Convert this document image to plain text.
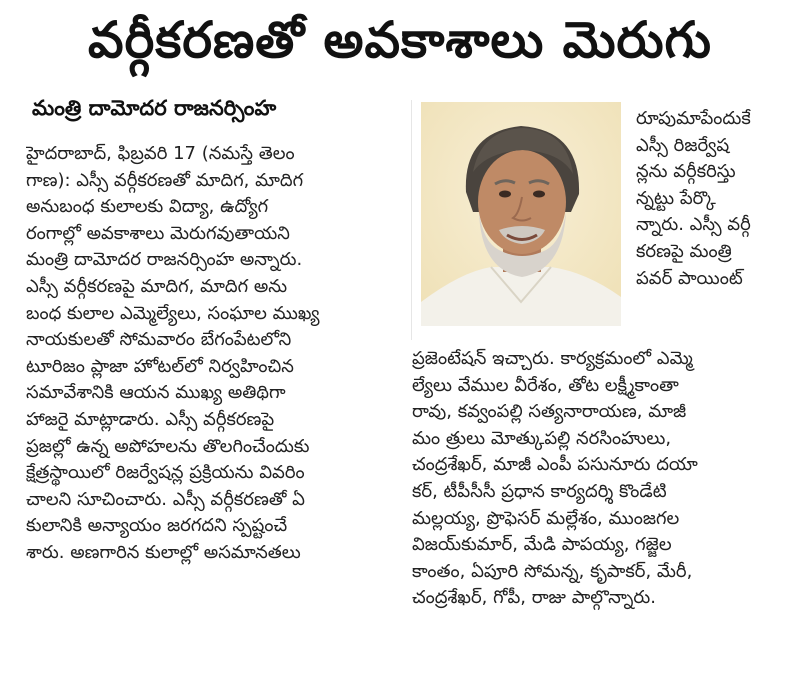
వర్గీకరణతో అవకాశాలు మెరుగు
మంత్రి దామోదర రాజనర్సింహ
హైదరాబాద్, ఫిబ్రవరి 17 (నమస్తే తెలం
గాణ): ఎస్సీ వర్గీకరణతో మాదిగ, మాదిగ
అనుబంధ కులాలకు విద్యా, ఉద్యోగ
రంగాల్లో అవకాశాలు మెరుగవుతాయని
మంత్రి దామోదర రాజనర్సింహ అన్నారు.
ఎస్సీ వర్గీకరణపై మాదిగ, మాదిగ అను
బంధ కులాల ఎమ్మెల్యేలు, సంఘాల ముఖ్య
నాయకులతో సోమవారం బేగంపేటలోని
టూరిజం ప్లాజా హోటల్‌లో నిర్వహించిన
సమావేశానికి ఆయన ముఖ్య అతిథిగా
హాజరై మాట్లాడారు. ఎస్సీ వర్గీకరణపై
ప్రజల్లో ఉన్న అపోహలను తొలగించేందుకు
క్షేత్రస్థాయిలో రిజర్వేషన్ల ప్రక్రియను వివరిం
చాలని సూచించారు. ఎస్సీ వర్గీకరణతో ఏ
కులానికి అన్యాయం జరగదని స్పష్టంచే
శారు. అణగారిన కులాల్లో అసమానతలు
రూపుమాపేందుకే
ఎస్సీ రిజర్వేష
న్లను వర్గీకరిస్తు
న్నట్టు పేర్కొ
న్నారు. ఎస్సీ వర్గీ
కరణపై మంత్రి
పవర్ పాయింట్
ప్రజెంటేషన్ ఇచ్చారు. కార్యక్రమంలో ఎమ్మె
ల్యేలు వేముల వీరేశం, తోట లక్ష్మీకాంతా
రావు, కవ్వంపల్లి సత్యనారాయణ, మాజీ
మం త్రులు మోత్కుపల్లి నరసింహులు,
చంద్రశేఖర్, మాజీ ఎంపీ పసునూరు దయా
కర్, టీపీసీసీ ప్రధాన కార్యదర్శి కొండేటి
మల్లయ్య, ప్రొఫెసర్ మల్లేశం, ముంజగల
విజయ్‌కుమార్, మేడి పాపయ్య, గజ్జెల
కాంతం, ఏపూరి సోమన్న, కృపాకర్, మేరీ,
చంద్రశేఖర్, గోపీ, రాజు పాల్గొన్నారు.
